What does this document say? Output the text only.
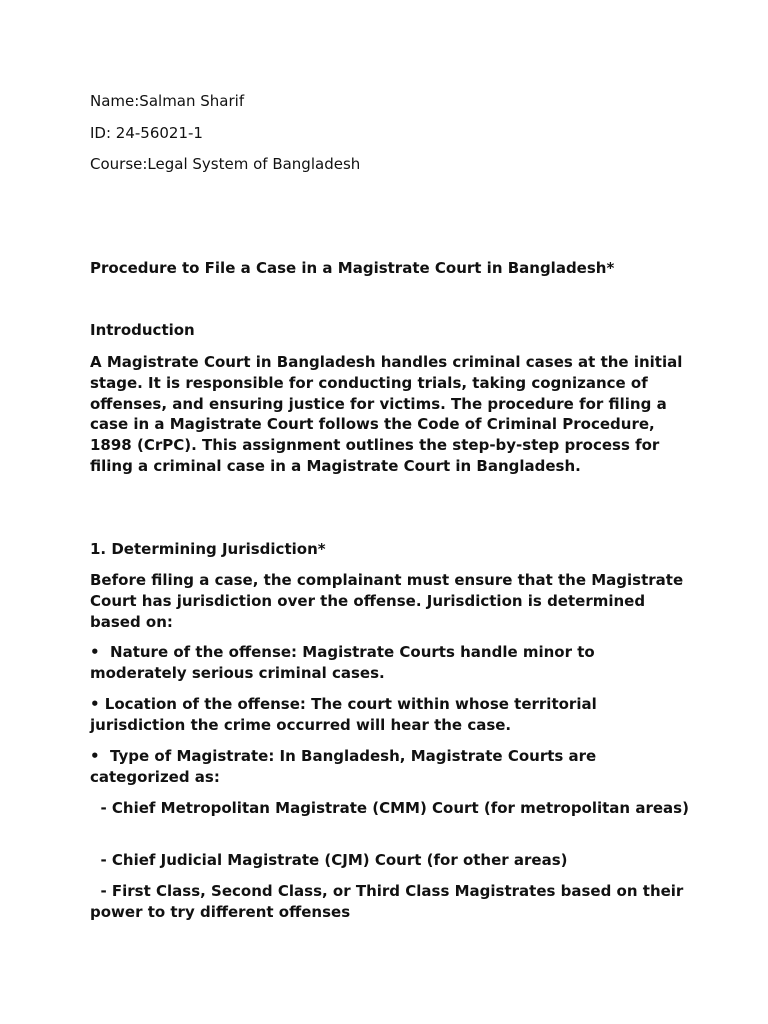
Name:Salman Sharif

ID: 24-56021-1

Course:Legal System of Bangladesh

Procedure to File a Case in a Magistrate Court in Bangladesh*

Introduction

A Magistrate Court in Bangladesh handles criminal cases at the initial stage. It is responsible for conducting trials, taking cognizance of offenses, and ensuring justice for victims. The procedure for filing a case in a Magistrate Court follows the Code of Criminal Procedure, 1898 (CrPC). This assignment outlines the step-by-step process for filing a criminal case in a Magistrate Court in Bangladesh.

1. Determining Jurisdiction*

Before filing a case, the complainant must ensure that the Magistrate Court has jurisdiction over the offense. Jurisdiction is determined based on:

•  Nature of the offense: Magistrate Courts handle minor to moderately serious criminal cases.

• Location of the offense: The court within whose territorial jurisdiction the crime occurred will hear the case.

•  Type of Magistrate: In Bangladesh, Magistrate Courts are categorized as:

- Chief Metropolitan Magistrate (CMM) Court (for metropolitan areas)

- Chief Judicial Magistrate (CJM) Court (for other areas)

- First Class, Second Class, or Third Class Magistrates based on their power to try different offenses
